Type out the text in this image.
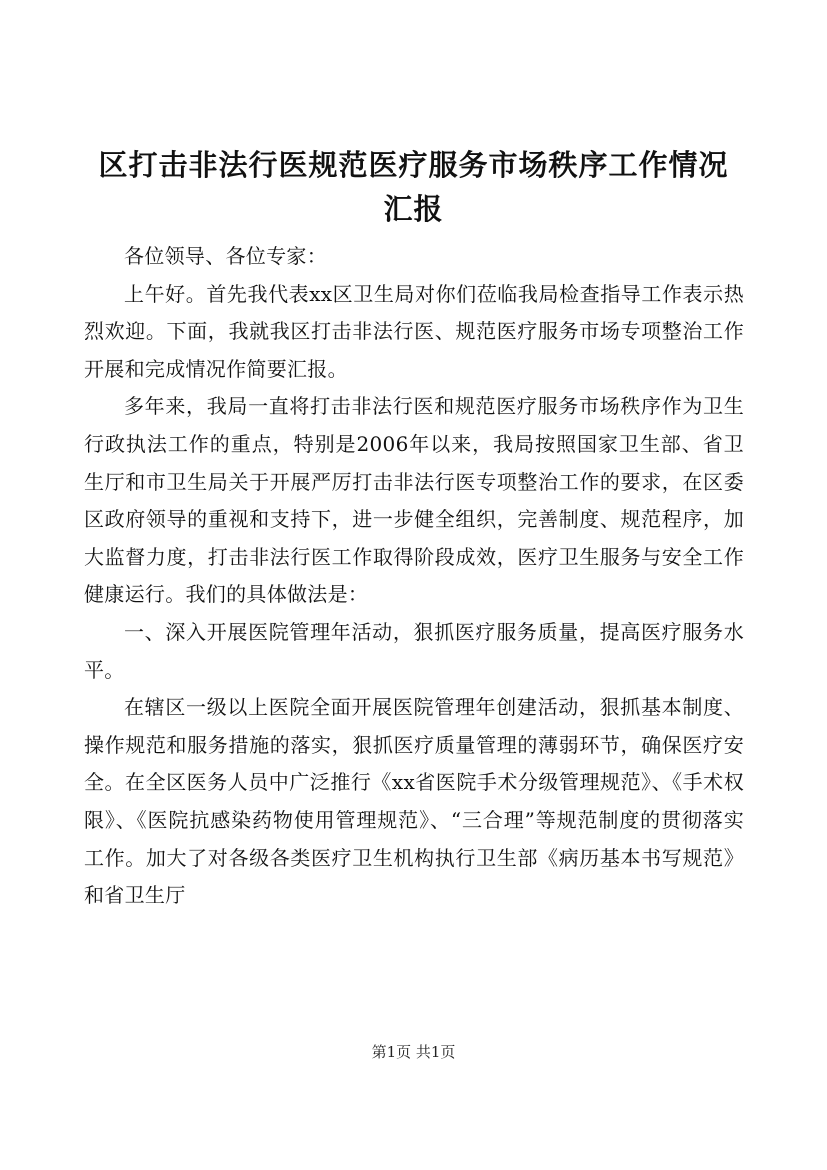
区打击非法行医规范医疗服务市场秩序工作情况汇报

各位领导、各位专家：

上午好。首先我代表xx区卫生局对你们莅临我局检查指导工作表示热烈欢迎。下面，我就我区打击非法行医、规范医疗服务市场专项整治工作开展和完成情况作简要汇报。

多年来，我局一直将打击非法行医和规范医疗服务市场秩序作为卫生行政执法工作的重点，特别是2006年以来，我局按照国家卫生部、省卫生厅和市卫生局关于开展严厉打击非法行医专项整治工作的要求，在区委区政府领导的重视和支持下，进一步健全组织，完善制度、规范程序，加大监督力度，打击非法行医工作取得阶段成效，医疗卫生服务与安全工作健康运行。我们的具体做法是：

一、深入开展医院管理年活动，狠抓医疗服务质量，提高医疗服务水平。

在辖区一级以上医院全面开展医院管理年创建活动，狠抓基本制度、操作规范和服务措施的落实，狠抓医疗质量管理的薄弱环节，确保医疗安全。在全区医务人员中广泛推行《xx省医院手术分级管理规范》、《手术权限》、《医院抗感染药物使用管理规范》、“三合理”等规范制度的贯彻落实工作。加大了对各级各类医疗卫生机构执行卫生部《病历基本书写规范》和省卫生厅

第1页 共1页
